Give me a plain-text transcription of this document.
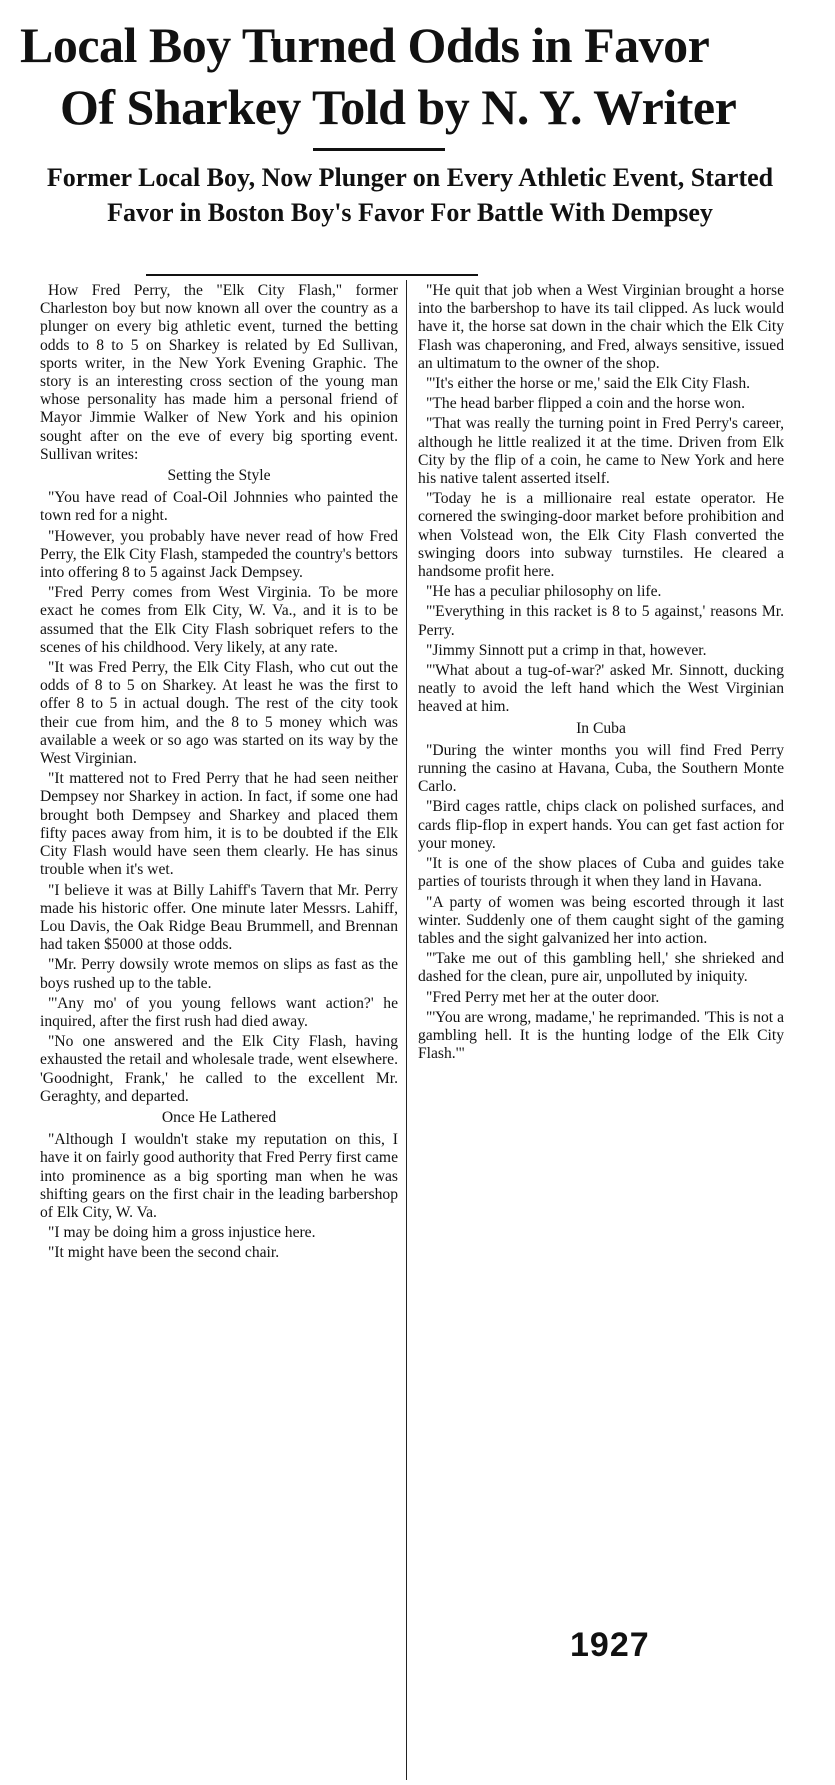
Local Boy Turned Odds in Favor
Of Sharkey Told by N. Y. Writer
Former Local Boy, Now Plunger on Every Athletic Event, Started Favor in Boston Boy's Favor For Battle With Dempsey

How Fred Perry, the "Elk City Flash," former Charleston boy but now known all over the country as a plunger on every big athletic event, turned the betting odds to 8 to 5 on Sharkey is related by Ed Sullivan, sports writer, in the New York Evening Graphic. The story is an interesting cross section of the young man whose personality has made him a personal friend of Mayor Jimmie Walker of New York and his opinion sought after on the eve of every big sporting event. Sullivan writes:

Setting the Style

"You have read of Coal-Oil Johnnies who painted the town red for a night.

"However, you probably have never read of how Fred Perry, the Elk City Flash, stampeded the country's bettors into offering 8 to 5 against Jack Dempsey.

"Fred Perry comes from West Virginia. To be more exact he comes from Elk City, W. Va., and it is to be assumed that the Elk City Flash sobriquet refers to the scenes of his childhood. Very likely, at any rate.

"It was Fred Perry, the Elk City Flash, who cut out the odds of 8 to 5 on Sharkey. At least he was the first to offer 8 to 5 in actual dough. The rest of the city took their cue from him, and the 8 to 5 money which was available a week or so ago was started on its way by the West Virginian.

"It mattered not to Fred Perry that he had seen neither Dempsey nor Sharkey in action. In fact, if some one had brought both Dempsey and Sharkey and placed them fifty paces away from him, it is to be doubted if the Elk City Flash would have seen them clearly. He has sinus trouble when it's wet.

"I believe it was at Billy Lahiff's Tavern that Mr. Perry made his historic offer. One minute later Messrs. Lahiff, Lou Davis, the Oak Ridge Beau Brummell, and Brennan had taken $5000 at those odds.

"Mr. Perry dowsily wrote memos on slips as fast as the boys rushed up to the table.

"'Any mo' of you young fellows want action?' he inquired, after the first rush had died away.

"No one answered and the Elk City Flash, having exhausted the retail and wholesale trade, went elsewhere. 'Goodnight, Frank,' he called to the excellent Mr. Geraghty, and departed.

Once He Lathered

"Although I wouldn't stake my reputation on this, I have it on fairly good authority that Fred Perry first came into prominence as a big sporting man when he was shifting gears on the first chair in the leading barbershop of Elk City, W. Va.

"I may be doing him a gross injustice here.

"It might have been the second chair.

"He quit that job when a West Virginian brought a horse into the barbershop to have its tail clipped. As luck would have it, the horse sat down in the chair which the Elk City Flash was chaperoning, and Fred, always sensitive, issued an ultimatum to the owner of the shop.

"'It's either the horse or me,' said the Elk City Flash.

"The head barber flipped a coin and the horse won.

"That was really the turning point in Fred Perry's career, although he little realized it at the time. Driven from Elk City by the flip of a coin, he came to New York and here his native talent asserted itself.

"Today he is a millionaire real estate operator. He cornered the swinging-door market before prohibition and when Volstead won, the Elk City Flash converted the swinging doors into subway turnstiles. He cleared a handsome profit here.

"He has a peculiar philosophy on life.

"'Everything in this racket is 8 to 5 against,' reasons Mr. Perry.

"Jimmy Sinnott put a crimp in that, however.

"'What about a tug-of-war?' asked Mr. Sinnott, ducking neatly to avoid the left hand which the West Virginian heaved at him.

In Cuba

"During the winter months you will find Fred Perry running the casino at Havana, Cuba, the Southern Monte Carlo.

"Bird cages rattle, chips clack on polished surfaces, and cards flip-flop in expert hands. You can get fast action for your money.

"It is one of the show places of Cuba and guides take parties of tourists through it when they land in Havana.

"A party of women was being escorted through it last winter. Suddenly one of them caught sight of the gaming tables and the sight galvanized her into action.

"'Take me out of this gambling hell,' she shrieked and dashed for the clean, pure air, unpolluted by iniquity.

"Fred Perry met her at the outer door.

"'You are wrong, madame,' he reprimanded. 'This is not a gambling hell. It is the hunting lodge of the Elk City Flash.'"

1927
